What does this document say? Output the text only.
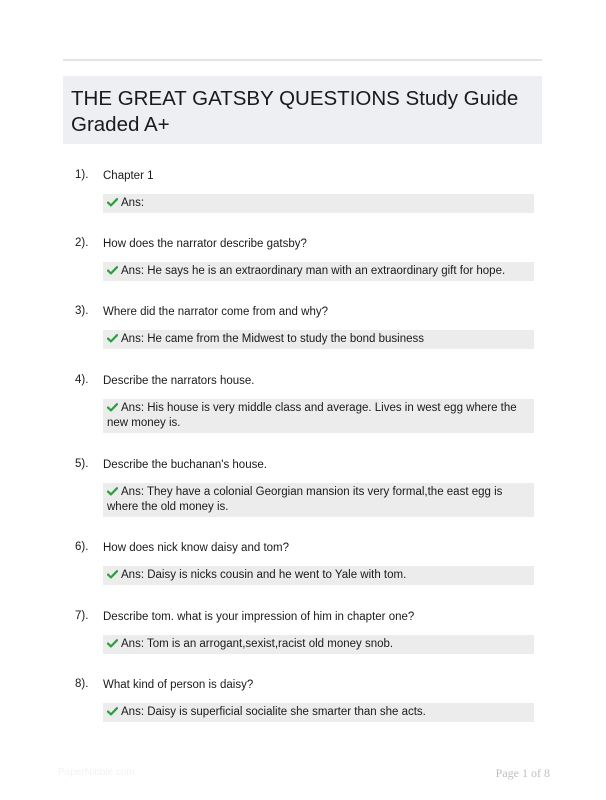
THE GREAT GATSBY QUESTIONS Study Guide Graded A+
1). Chapter 1
Ans:
2). How does the narrator describe gatsby?
Ans: He says he is an extraordinary man with an extraordinary gift for hope.
3). Where did the narrator come from and why?
Ans: He came from the Midwest to study the bond business
4). Describe the narrators house.
Ans: His house is very middle class and average. Lives in west egg where the new money is.
5). Describe the buchanan's house.
Ans: They have a colonial Georgian mansion its very formal,the east egg is where the old money is.
6). How does nick know daisy and tom?
Ans: Daisy is nicks cousin and he went to Yale with tom.
7). Describe tom. what is your impression of him in chapter one?
Ans: Tom is an arrogant,sexist,racist old money snob.
8). What kind of person is daisy?
Ans: Daisy is superficial socialite she smarter than she acts.
PaperNibble.com	Page 1 of 8
